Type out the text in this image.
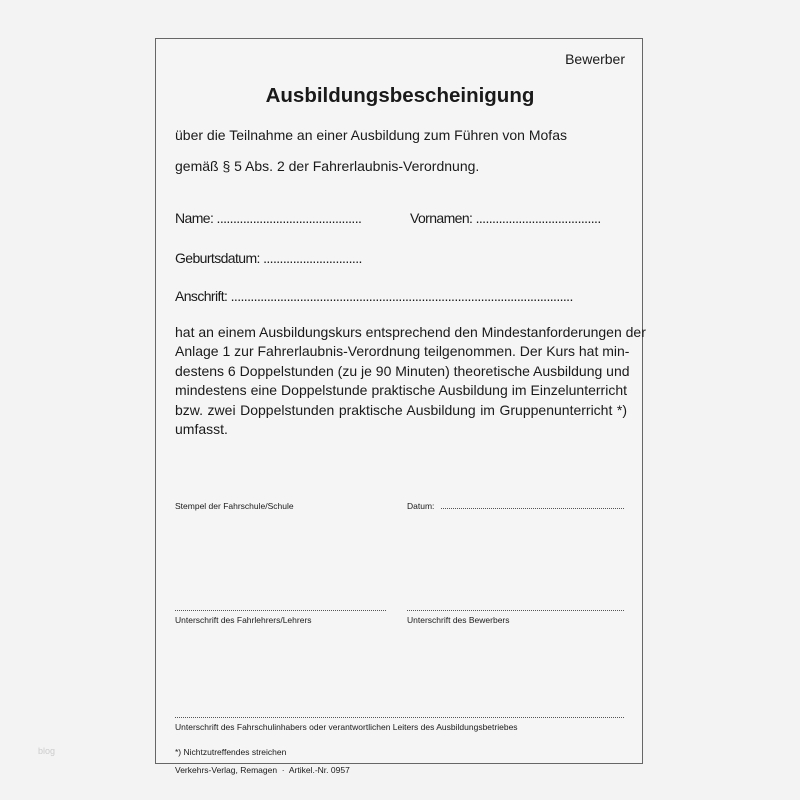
Bewerber
Ausbildungsbescheinigung
über die Teilnahme an einer Ausbildung zum Führen von Mofas
gemäß § 5 Abs. 2 der Fahrerlaubnis-Verordnung.
Name: ............................................	Vornamen: ......................................
Geburtsdatum: ..............................
Anschrift: ........................................................................................................
hat an einem Ausbildungskurs entsprechend den Mindestanforderungen der
Anlage 1 zur Fahrerlaubnis-Verordnung teilgenommen. Der Kurs hat min-
destens 6 Doppelstunden (zu je 90 Minuten) theoretische Ausbildung und
mindestens eine Doppelstunde praktische Ausbildung im Einzelunterricht
bzw. zwei Doppelstunden praktische Ausbildung im Gruppenunterricht *)
umfasst.
Stempel der Fahrschule/Schule	Datum:
Unterschrift des Fahrlehrers/Lehrers	Unterschrift des Bewerbers
Unterschrift des Fahrschulinhabers oder verantwortlichen Leiters des Ausbildungsbetriebes
*) Nichtzutreffendes streichen
Verkehrs-Verlag, Remagen  ·  Artikel.-Nr. 0957
blog
